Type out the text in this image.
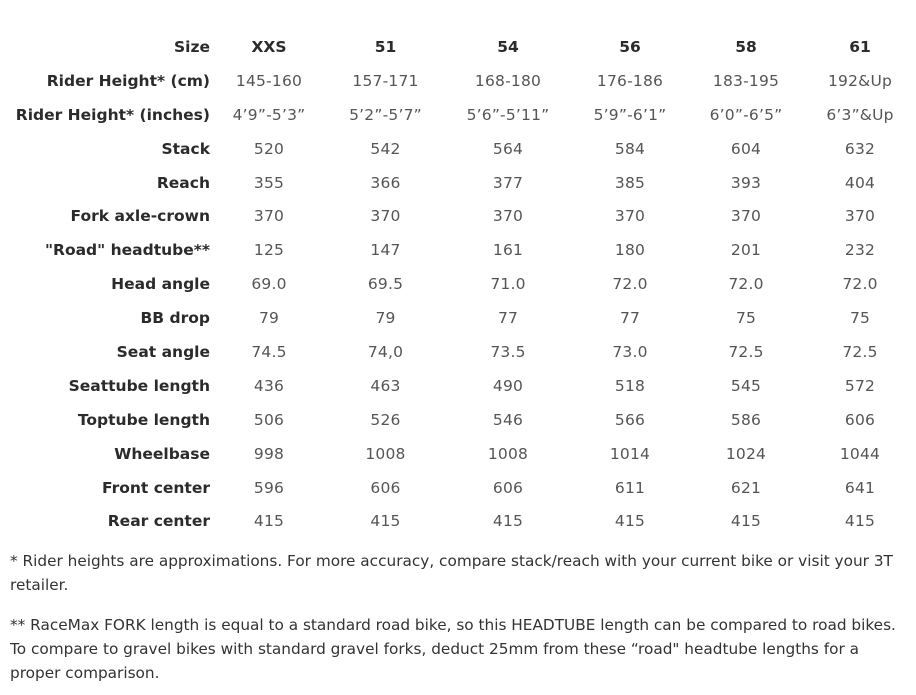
Size	XXS	51	54	56	58	61
Rider Height* (cm)	145-160	157-171	168-180	176-186	183-195	192&Up
Rider Height* (inches)	4’9”-5’3”	5’2”-5’7”	5’6”-5’11”	5’9”-6’1”	6’0”-6’5”	6’3”&Up
Stack	520	542	564	584	604	632
Reach	355	366	377	385	393	404
Fork axle-crown	370	370	370	370	370	370
"Road" headtube**	125	147	161	180	201	232
Head angle	69.0	69.5	71.0	72.0	72.0	72.0
BB drop	79	79	77	77	75	75
Seat angle	74.5	74,0	73.5	73.0	72.5	72.5
Seattube length	436	463	490	518	545	572
Toptube length	506	526	546	566	586	606
Wheelbase	998	1008	1008	1014	1024	1044
Front center	596	606	606	611	621	641
Rear center	415	415	415	415	415	415

* Rider heights are approximations. For more accuracy, compare stack/reach with your current bike or visit your 3T retailer.

** RaceMax FORK length is equal to a standard road bike, so this HEADTUBE length can be compared to road bikes. To compare to gravel bikes with standard gravel forks, deduct 25mm from these “road" headtube lengths for a proper comparison.
